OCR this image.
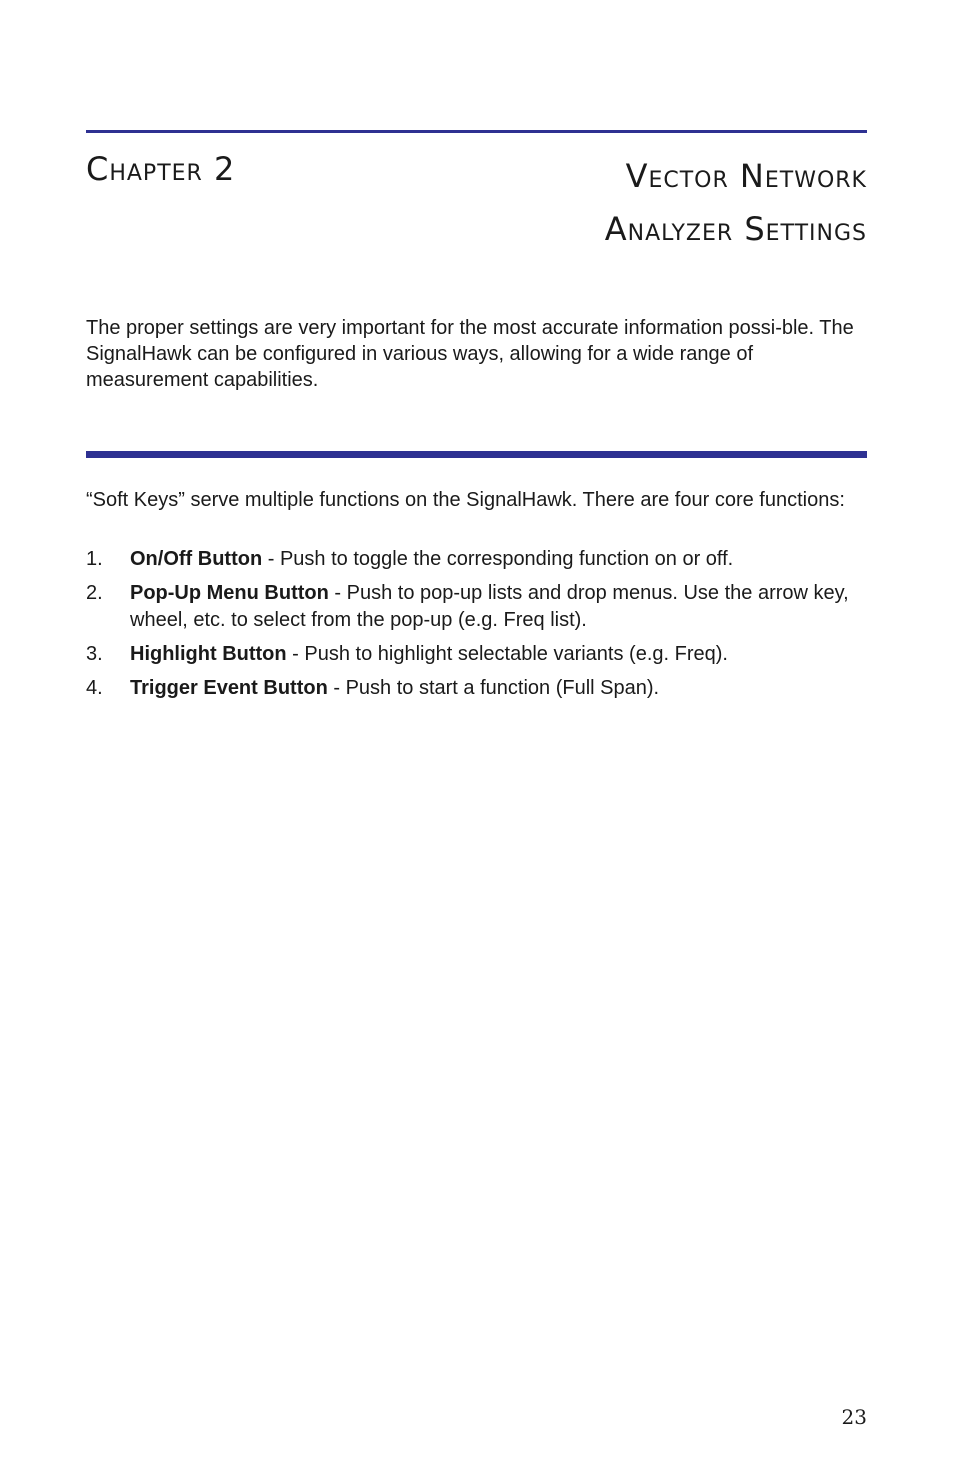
Chapter 2	Vector Network
Analyzer Settings

The proper settings are very important for the most accurate information possi-ble. The SignalHawk can be configured in various ways, allowing for a wide range of measurement capabilities.

“Soft Keys” serve multiple functions on the SignalHawk. There are four core functions:

1. On/Off Button - Push to toggle the corresponding function on or off.
2. Pop-Up Menu Button - Push to pop-up lists and drop menus. Use the arrow key, wheel, etc. to select from the pop-up (e.g. Freq list).
3. Highlight Button - Push to highlight selectable variants (e.g. Freq).
4. Trigger Event Button - Push to start a function (Full Span).
23
